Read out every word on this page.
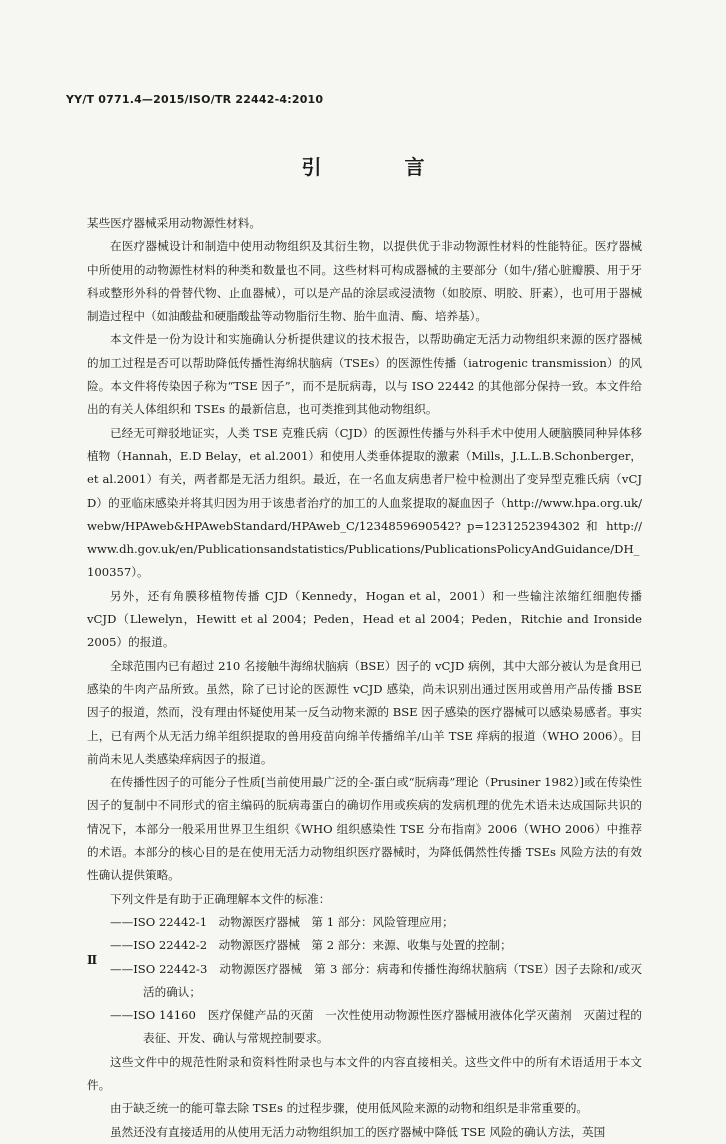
YY/T 0771.4—2015/ISO/TR 22442-4:2010
引 言

某些医疗器械采用动物源性材料。

在医疗器械设计和制造中使用动物组织及其衍生物，以提供优于非动物源性材料的性能特征。医疗器械中所使用的动物源性材料的种类和数量也不同。这些材料可构成器械的主要部分（如牛/猪心脏瓣膜、用于牙科或整形外科的骨替代物、止血器械），可以是产品的涂层或浸渍物（如胶原、明胶、肝素），也可用于器械制造过程中（如油酸盐和硬脂酸盐等动物脂衍生物、胎牛血清、酶、培养基）。

本文件是一份为设计和实施确认分析提供建议的技术报告，以帮助确定无活力动物组织来源的医疗器械的加工过程是否可以帮助降低传播性海绵状脑病（TSEs）的医源性传播（iatrogenic transmission）的风险。本文件将传染因子称为“TSE 因子”，而不是朊病毒，以与 ISO 22442 的其他部分保持一致。本文件给出的有关人体组织和 TSEs 的最新信息，也可类推到其他动物组织。

已经无可辩驳地证实，人类 TSE 克雅氏病（CJD）的医源性传播与外科手术中使用人硬脑膜同种异体移植物（Hannah，E.D Belay，et al.2001）和使用人类垂体提取的激素（Mills，J.L.L.B.Schonberger，et al.2001）有关，两者都是无活力组织。最近，在一名血友病患者尸检中检测出了变异型克雅氏病（vCJD）的亚临床感染并将其归因为用于该患者治疗的加工的人血浆提取的凝血因子（http://www.hpa.org.uk/webw/HPAweb&HPAwebStandard/HPAweb_C/1234859690542? p=1231252394302 和 http://www.dh.gov.uk/en/Publicationsandstatistics/Publications/PublicationsPolicyAndGuidance/DH_100357）。

另外，还有角膜移植物传播 CJD（Kennedy，Hogan et al，2001）和一些输注浓缩红细胞传播 vCJD（Llewelyn，Hewitt et al 2004；Peden，Head et al 2004；Peden，Ritchie and Ironside 2005）的报道。

全球范围内已有超过 210 名接触牛海绵状脑病（BSE）因子的 vCJD 病例，其中大部分被认为是食用已感染的牛肉产品所致。虽然，除了已讨论的医源性 vCJD 感染，尚未识别出通过医用或兽用产品传播 BSE 因子的报道，然而，没有理由怀疑使用某一反刍动物来源的 BSE 因子感染的医疗器械可以感染易感者。事实上，已有两个从无活力绵羊组织提取的兽用疫苗向绵羊传播绵羊/山羊 TSE 痒病的报道（WHO 2006）。目前尚未见人类感染痒病因子的报道。

在传播性因子的可能分子性质[当前使用最广泛的全-蛋白或“朊病毒”理论（Prusiner 1982）]或在传染性因子的复制中不同形式的宿主编码的朊病毒蛋白的确切作用或疾病的发病机理的优先术语未达成国际共识的情况下，本部分一般采用世界卫生组织《WHO 组织感染性 TSE 分布指南》2006（WHO 2006）中推荐的术语。本部分的核心目的是在使用无活力动物组织医疗器械时，为降低偶然性传播 TSEs 风险方法的有效性确认提供策略。

下列文件是有助于正确理解本文件的标准：

——ISO 22442-1　动物源医疗器械　第 1 部分：风险管理应用；

——ISO 22442-2　动物源医疗器械　第 2 部分：来源、收集与处置的控制；

——ISO 22442-3　动物源医疗器械　第 3 部分：病毒和传播性海绵状脑病（TSE）因子去除和/或灭活的确认；

——ISO 14160　医疗保健产品的灭菌　一次性使用动物源性医疗器械用液体化学灭菌剂　灭菌过程的表征、开发、确认与常规控制要求。

这些文件中的规范性附录和资料性附录也与本文件的内容直接相关。这些文件中的所有术语适用于本文件。

由于缺乏统一的能可靠去除 TSEs 的过程步骤，使用低风险来源的动物和组织是非常重要的。

虽然还没有直接适用的从使用无活力动物组织加工的医疗器械中降低 TSE 风险的确认方法，英国

Ⅱ
